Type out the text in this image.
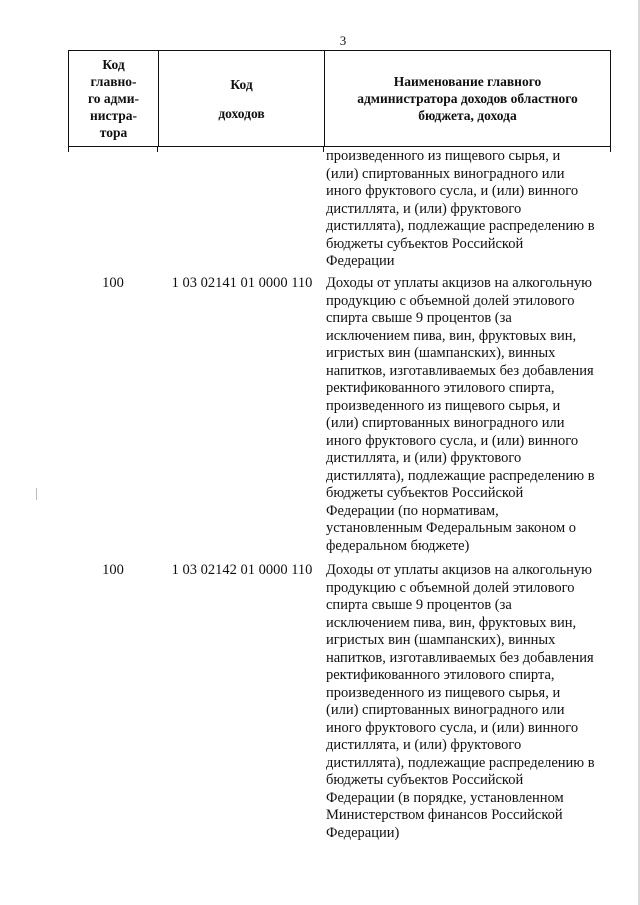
3
Код
главно-
го адми-
нистра-
тора
Код
доходов
Наименование главного
администратора доходов областного
бюджета, дохода
произведенного из пищевого сырья, и
(или) спиртованных виноградного или
иного фруктового сусла, и (или) винного
дистиллята, и (или) фруктового
дистиллята), подлежащие распределению в
бюджеты субъектов Российской
Федерации
100	1 03 02141 01 0000 110 Доходы от уплаты акцизов на алкогольную
продукцию с объемной долей этилового
спирта свыше 9 процентов (за
исключением пива, вин, фруктовых вин,
игристых вин (шампанских), винных
напитков, изготавливаемых без добавления
ректификованного этилового спирта,
произведенного из пищевого сырья, и
(или) спиртованных виноградного или
иного фруктового сусла, и (или) винного
дистиллята, и (или) фруктового
дистиллята), подлежащие распределению в
бюджеты субъектов Российской
Федерации (по нормативам,
установленным Федеральным законом о
федеральном бюджете)
100	1 03 02142 01 0000 110 Доходы от уплаты акцизов на алкогольную
продукцию с объемной долей этилового
спирта свыше 9 процентов (за
исключением пива, вин, фруктовых вин,
игристых вин (шампанских), винных
напитков, изготавливаемых без добавления
ректификованного этилового спирта,
произведенного из пищевого сырья, и
(или) спиртованных виноградного или
иного фруктового сусла, и (или) винного
дистиллята, и (или) фруктового
дистиллята), подлежащие распределению в
бюджеты субъектов Российской
Федерации (в порядке, установленном
Министерством финансов Российской
Федерации)
